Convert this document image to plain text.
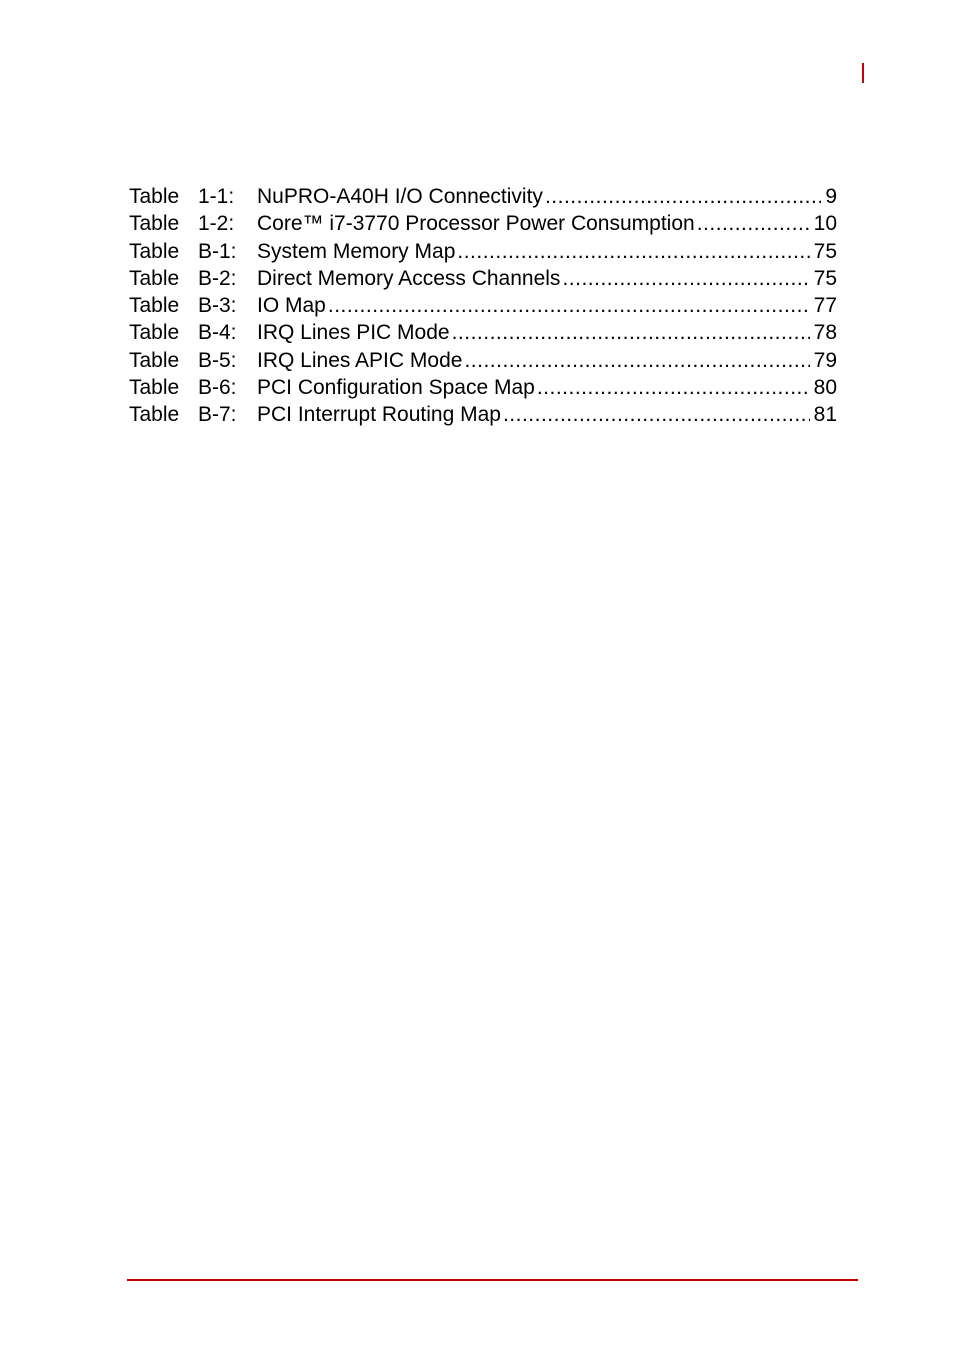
Table 1-1:	NuPRO-A40H I/O Connectivity .....	9
Table 1-2:	Core™ i7-3770 Processor Power Consumption .....	10
Table B-1: System Memory Map .....	75
Table B-2: Direct Memory Access Channels .....	75
Table B-3: IO Map .....	77
Table B-4: IRQ Lines PIC Mode .....	78
Table B-5: IRQ Lines APIC Mode .....	79
Table B-6: PCI Configuration Space Map .....	80
Table B-7: PCI Interrupt Routing Map .....	81
